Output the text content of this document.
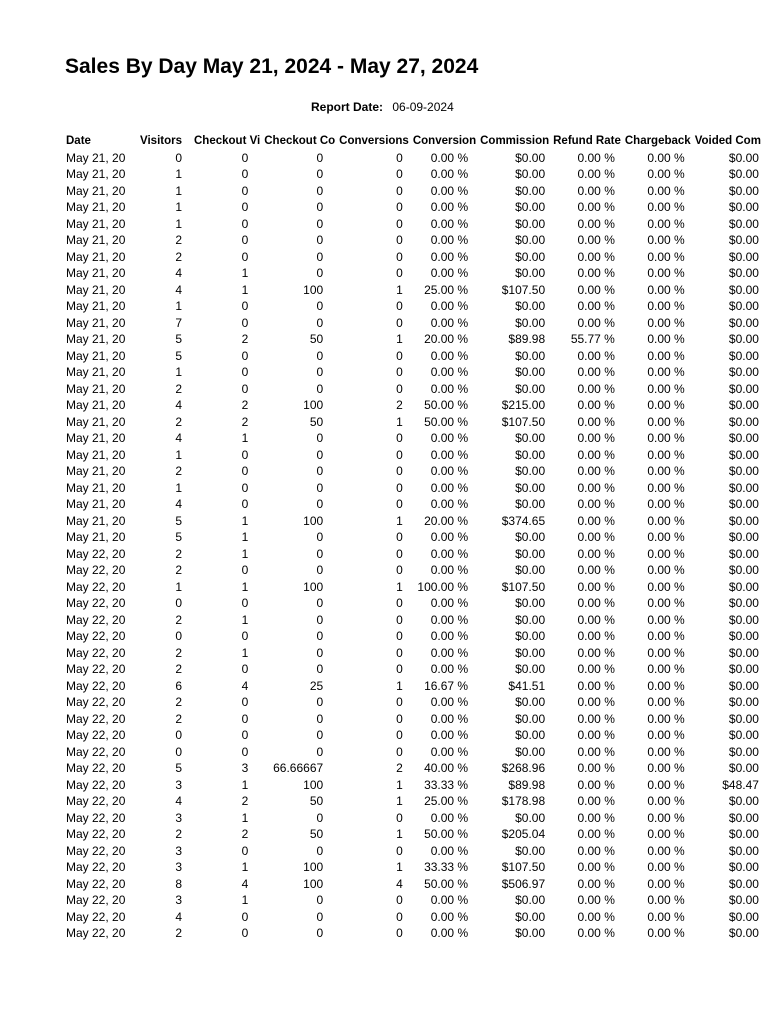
Sales By Day May 21, 2024 - May 27, 2024
Report Date: 06-09-2024
Date	Visitors	Checkout Vi	Checkout Co	Conversions	Conversion	Commission	Refund Rate	Chargeback	Voided Com
May 21, 20	0	0	0	0	0.00 %	$0.00	0.00 %	0.00 %	$0.00
May 21, 20	1	0	0	0	0.00 %	$0.00	0.00 %	0.00 %	$0.00
May 21, 20	1	0	0	0	0.00 %	$0.00	0.00 %	0.00 %	$0.00
May 21, 20	1	0	0	0	0.00 %	$0.00	0.00 %	0.00 %	$0.00
May 21, 20	1	0	0	0	0.00 %	$0.00	0.00 %	0.00 %	$0.00
May 21, 20	2	0	0	0	0.00 %	$0.00	0.00 %	0.00 %	$0.00
May 21, 20	2	0	0	0	0.00 %	$0.00	0.00 %	0.00 %	$0.00
May 21, 20	4	1	0	0	0.00 %	$0.00	0.00 %	0.00 %	$0.00
May 21, 20	4	1	100	1	25.00 %	$107.50	0.00 %	0.00 %	$0.00
May 21, 20	1	0	0	0	0.00 %	$0.00	0.00 %	0.00 %	$0.00
May 21, 20	7	0	0	0	0.00 %	$0.00	0.00 %	0.00 %	$0.00
May 21, 20	5	2	50	1	20.00 %	$89.98	55.77 %	0.00 %	$0.00
May 21, 20	5	0	0	0	0.00 %	$0.00	0.00 %	0.00 %	$0.00
May 21, 20	1	0	0	0	0.00 %	$0.00	0.00 %	0.00 %	$0.00
May 21, 20	2	0	0	0	0.00 %	$0.00	0.00 %	0.00 %	$0.00
May 21, 20	4	2	100	2	50.00 %	$215.00	0.00 %	0.00 %	$0.00
May 21, 20	2	2	50	1	50.00 %	$107.50	0.00 %	0.00 %	$0.00
May 21, 20	4	1	0	0	0.00 %	$0.00	0.00 %	0.00 %	$0.00
May 21, 20	1	0	0	0	0.00 %	$0.00	0.00 %	0.00 %	$0.00
May 21, 20	2	0	0	0	0.00 %	$0.00	0.00 %	0.00 %	$0.00
May 21, 20	1	0	0	0	0.00 %	$0.00	0.00 %	0.00 %	$0.00
May 21, 20	4	0	0	0	0.00 %	$0.00	0.00 %	0.00 %	$0.00
May 21, 20	5	1	100	1	20.00 %	$374.65	0.00 %	0.00 %	$0.00
May 21, 20	5	1	0	0	0.00 %	$0.00	0.00 %	0.00 %	$0.00
May 22, 20	2	1	0	0	0.00 %	$0.00	0.00 %	0.00 %	$0.00
May 22, 20	2	0	0	0	0.00 %	$0.00	0.00 %	0.00 %	$0.00
May 22, 20	1	1	100	1	100.00 %	$107.50	0.00 %	0.00 %	$0.00
May 22, 20	0	0	0	0	0.00 %	$0.00	0.00 %	0.00 %	$0.00
May 22, 20	2	1	0	0	0.00 %	$0.00	0.00 %	0.00 %	$0.00
May 22, 20	0	0	0	0	0.00 %	$0.00	0.00 %	0.00 %	$0.00
May 22, 20	2	1	0	0	0.00 %	$0.00	0.00 %	0.00 %	$0.00
May 22, 20	2	0	0	0	0.00 %	$0.00	0.00 %	0.00 %	$0.00
May 22, 20	6	4	25	1	16.67 %	$41.51	0.00 %	0.00 %	$0.00
May 22, 20	2	0	0	0	0.00 %	$0.00	0.00 %	0.00 %	$0.00
May 22, 20	2	0	0	0	0.00 %	$0.00	0.00 %	0.00 %	$0.00
May 22, 20	0	0	0	0	0.00 %	$0.00	0.00 %	0.00 %	$0.00
May 22, 20	0	0	0	0	0.00 %	$0.00	0.00 %	0.00 %	$0.00
May 22, 20	5	3	66.66667	2	40.00 %	$268.96	0.00 %	0.00 %	$0.00
May 22, 20	3	1	100	1	33.33 %	$89.98	0.00 %	0.00 %	$48.47
May 22, 20	4	2	50	1	25.00 %	$178.98	0.00 %	0.00 %	$0.00
May 22, 20	3	1	0	0	0.00 %	$0.00	0.00 %	0.00 %	$0.00
May 22, 20	2	2	50	1	50.00 %	$205.04	0.00 %	0.00 %	$0.00
May 22, 20	3	0	0	0	0.00 %	$0.00	0.00 %	0.00 %	$0.00
May 22, 20	3	1	100	1	33.33 %	$107.50	0.00 %	0.00 %	$0.00
May 22, 20	8	4	100	4	50.00 %	$506.97	0.00 %	0.00 %	$0.00
May 22, 20	3	1	0	0	0.00 %	$0.00	0.00 %	0.00 %	$0.00
May 22, 20	4	0	0	0	0.00 %	$0.00	0.00 %	0.00 %	$0.00
May 22, 20	2	0	0	0	0.00 %	$0.00	0.00 %	0.00 %	$0.00
